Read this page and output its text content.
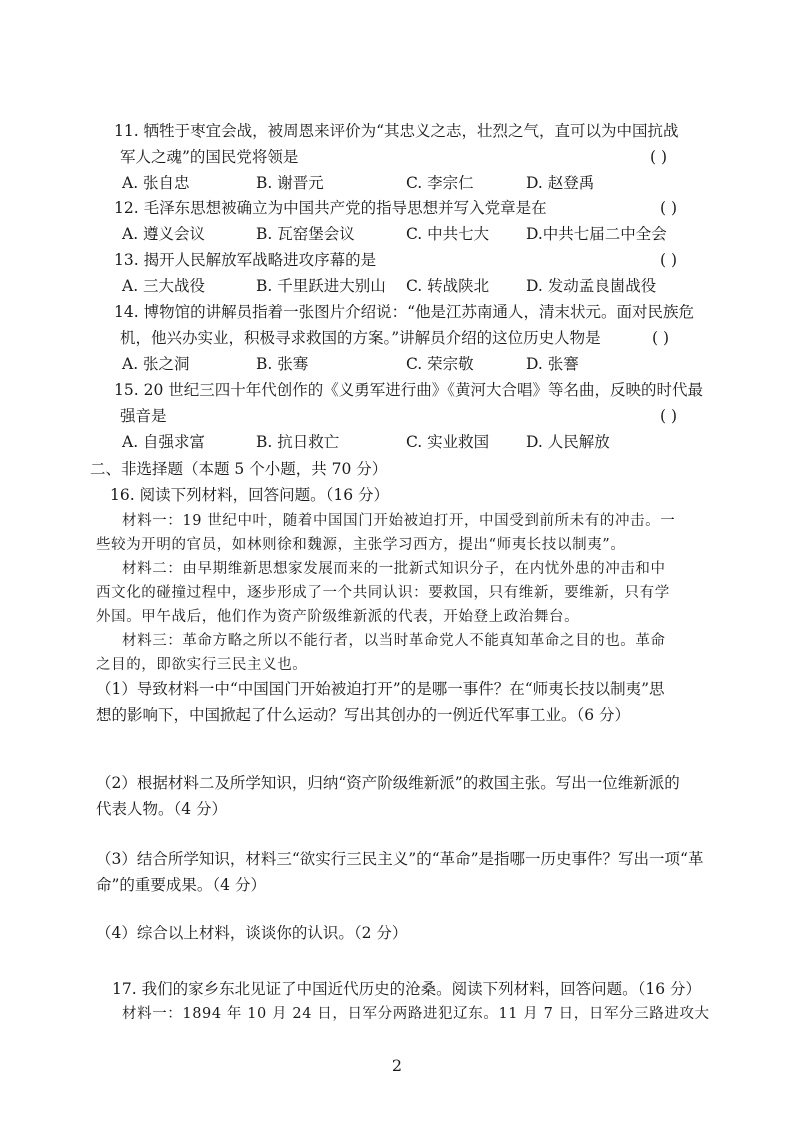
11. 牺牲于枣宜会战，被周恩来评价为“其忠义之志，壮烈之气，直可以为中国抗战
军人之魂”的国民党将领是	( )
A. 张自忠	B. 谢晋元	C. 李宗仁	D. 赵登禹
12. 毛泽东思想被确立为中国共产党的指导思想并写入党章是在	( )
A. 遵义会议	B. 瓦窑堡会议	C. 中共七大 D.中共七届二中全会
13. 揭开人民解放军战略进攻序幕的是	( )
A. 三大战役	B. 千里跃进大别山 C. 转战陕北 D. 发动孟良崮战役
14. 博物馆的讲解员指着一张图片介绍说：“他是江苏南通人，清末状元。面对民族危
机，他兴办实业，积极寻求救国的方案。”讲解员介绍的这位历史人物是	( )
A. 张之洞	B. 张骞	C. 荣宗敬	D. 张謇
15. 20 世纪三四十年代创作的《义勇军进行曲》《黄河大合唱》等名曲，反映的时代最
强音是	( )
A. 自强求富	B. 抗日救亡	C. 实业救国 D. 人民解放
二、非选择题（本题 5 个小题，共 70 分）
16. 阅读下列材料，回答问题。（16 分）
材料一：19 世纪中叶，随着中国国门开始被迫打开，中国受到前所未有的冲击。一
些较为开明的官员，如林则徐和魏源，主张学习西方，提出“师夷长技以制夷”。
材料二：由早期维新思想家发展而来的一批新式知识分子，在内忧外患的冲击和中
西文化的碰撞过程中，逐步形成了一个共同认识：要救国，只有维新，要维新，只有学
外国。甲午战后，他们作为资产阶级维新派的代表，开始登上政治舞台。
材料三：革命方略之所以不能行者，以当时革命党人不能真知革命之目的也。革命
之目的，即欲实行三民主义也。
（1）导致材料一中“中国国门开始被迫打开”的是哪一事件？在“师夷长技以制夷”思
想的影响下，中国掀起了什么运动？写出其创办的一例近代军事工业。（6 分）
（2）根据材料二及所学知识，归纳“资产阶级维新派”的救国主张。写出一位维新派的
代表人物。（4 分）
（3）结合所学知识，材料三“欲实行三民主义”的“革命”是指哪一历史事件？写出一项“革
命”的重要成果。（4 分）
（4）综合以上材料，谈谈你的认识。（2 分）
17. 我们的家乡东北见证了中国近代历史的沧桑。阅读下列材料，回答问题。（16 分）
材料一：1894 年 10 月 24 日，日军分两路进犯辽东。11 月 7 日，日军分三路进攻大
2
